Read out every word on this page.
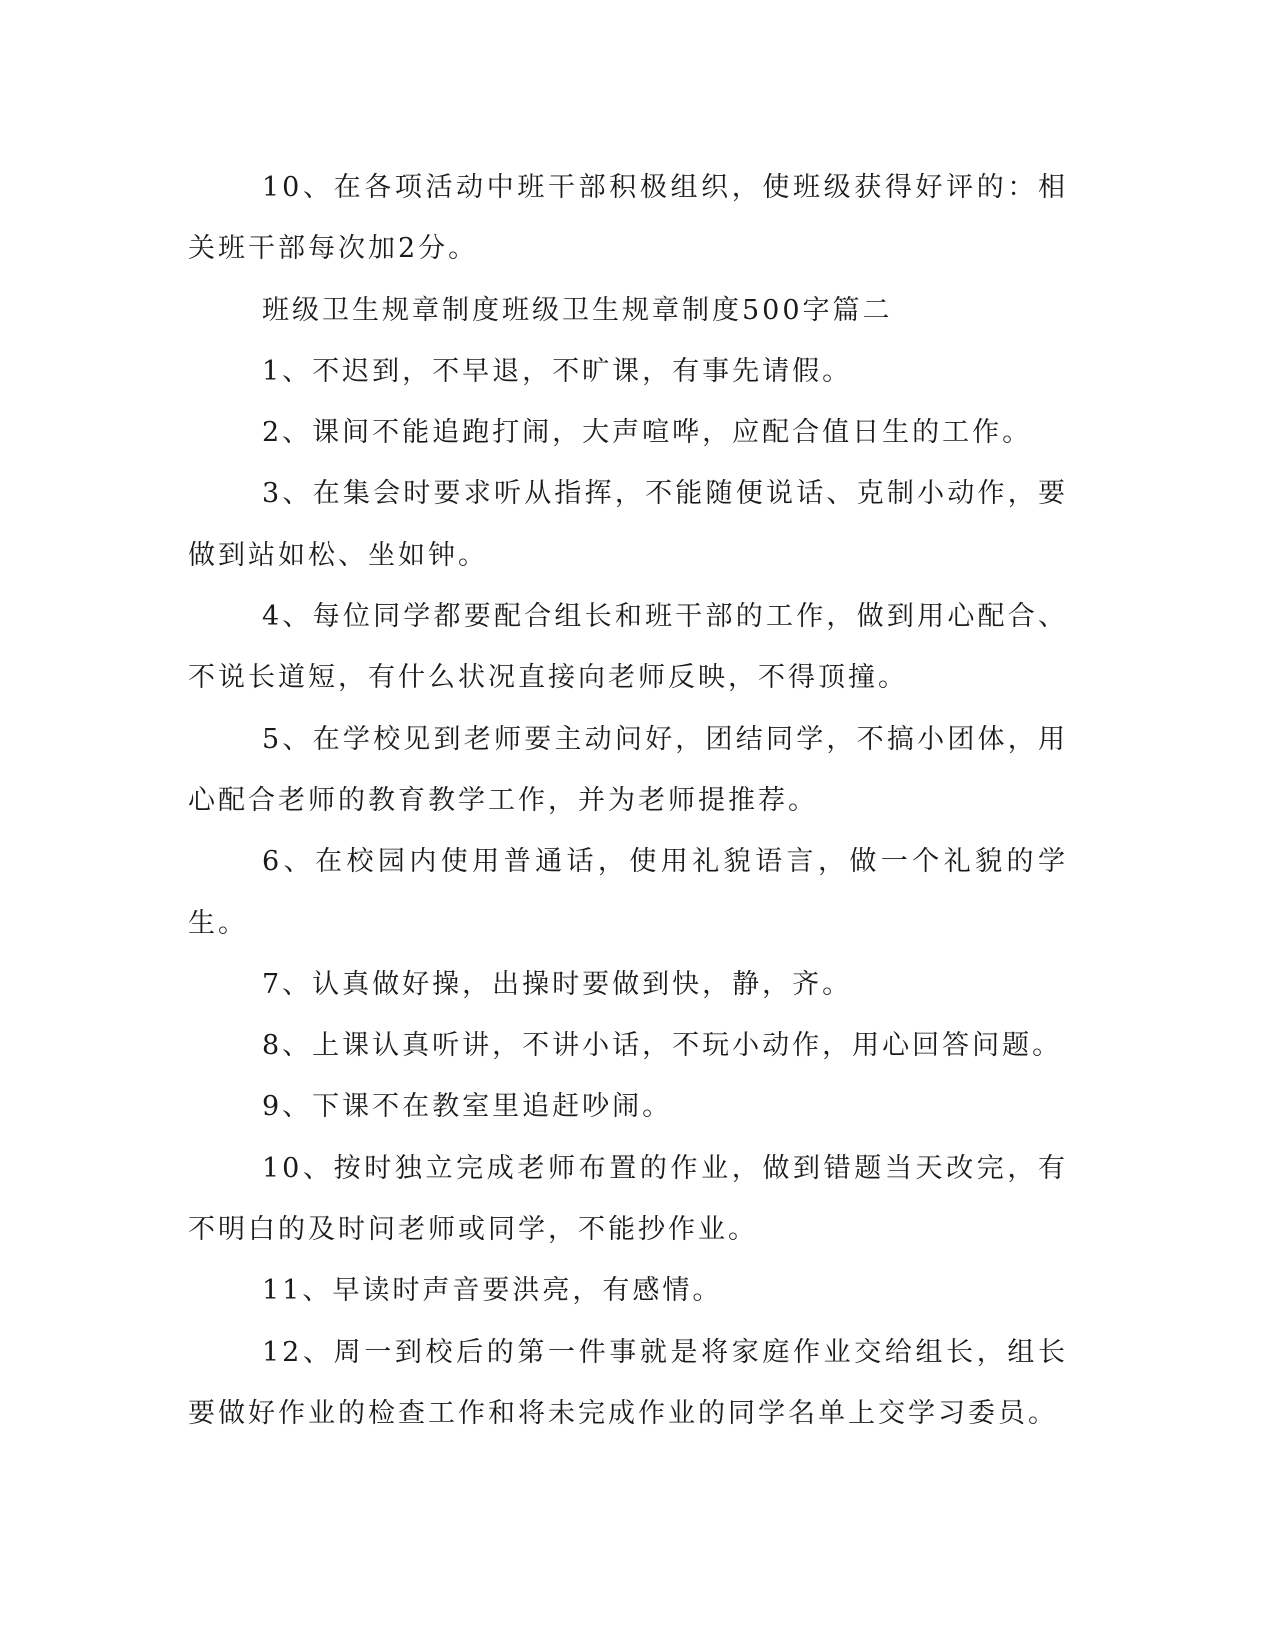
10、在各项活动中班干部积极组织，使班级获得好评的：相关班干部每次加2分。

班级卫生规章制度班级卫生规章制度500字篇二

1、不迟到，不早退，不旷课，有事先请假。

2、课间不能追跑打闹，大声喧哗，应配合值日生的工作。

3、在集会时要求听从指挥，不能随便说话、克制小动作，要做到站如松、坐如钟。

4、每位同学都要配合组长和班干部的工作，做到用心配合、不说长道短，有什么状况直接向老师反映，不得顶撞。

5、在学校见到老师要主动问好，团结同学，不搞小团体，用心配合老师的教育教学工作，并为老师提推荐。

6、在校园内使用普通话，使用礼貌语言，做一个礼貌的学生。

7、认真做好操，出操时要做到快，静，齐。

8、上课认真听讲，不讲小话，不玩小动作，用心回答问题。

9、下课不在教室里追赶吵闹。

10、按时独立完成老师布置的作业，做到错题当天改完，有不明白的及时问老师或同学，不能抄作业。

11、早读时声音要洪亮，有感情。

12、周一到校后的第一件事就是将家庭作业交给组长，组长要做好作业的检查工作和将未完成作业的同学名单上交学习委员。
